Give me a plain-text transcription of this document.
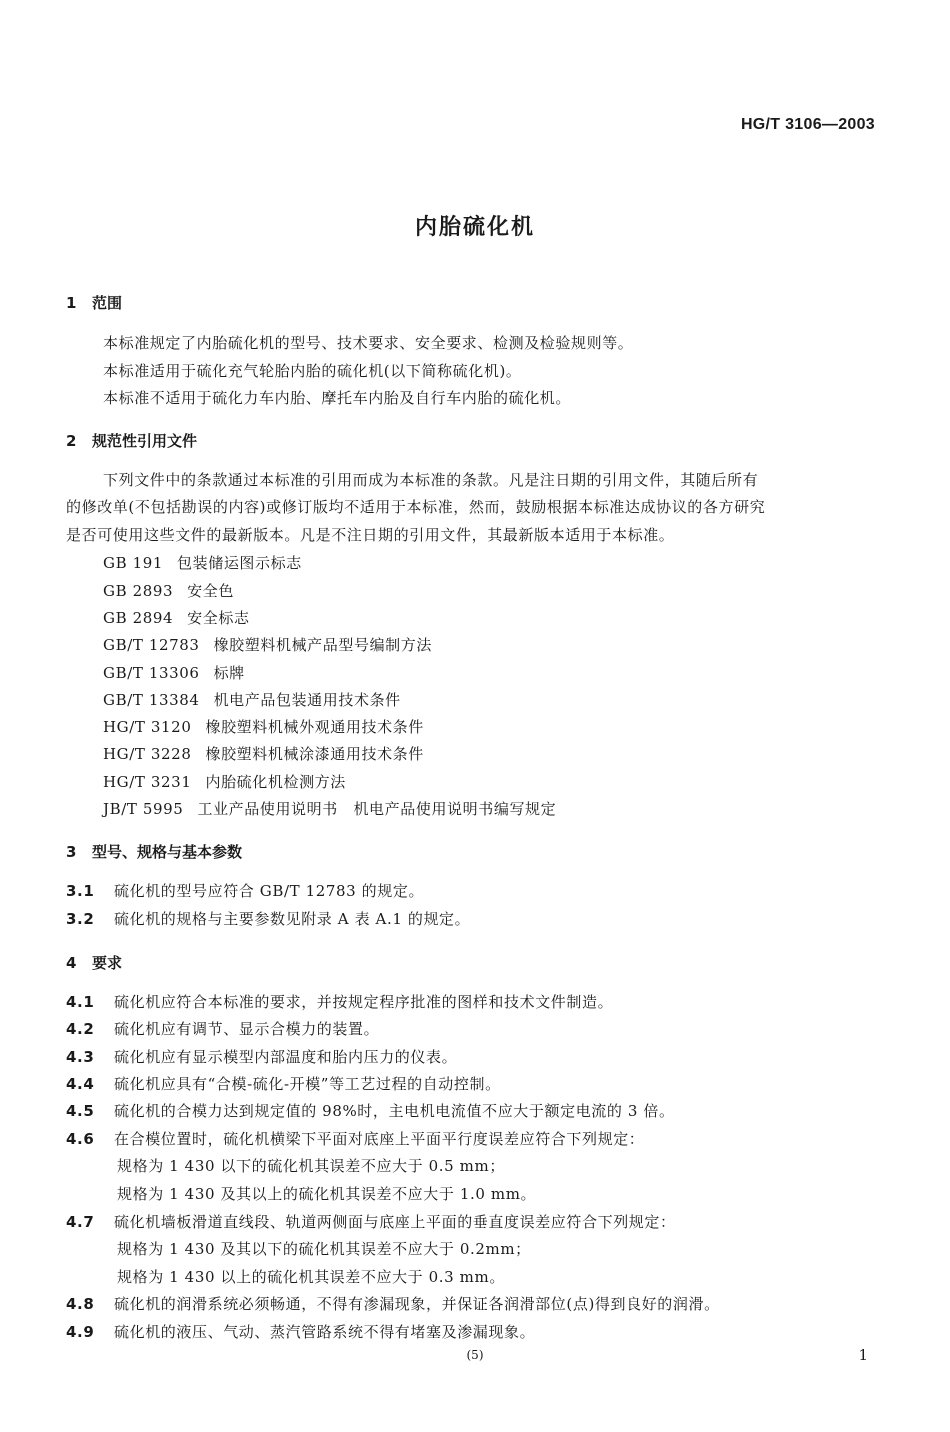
HG/T 3106—2003
内胎硫化机
1 范围
本标准规定了内胎硫化机的型号、技术要求、安全要求、检测及检验规则等。
本标准适用于硫化充气轮胎内胎的硫化机(以下简称硫化机)。
本标准不适用于硫化力车内胎、摩托车内胎及自行车内胎的硫化机。
2 规范性引用文件
下列文件中的条款通过本标准的引用而成为本标准的条款。凡是注日期的引用文件，其随后所有
的修改单(不包括勘误的内容)或修订版均不适用于本标准，然而，鼓励根据本标准达成协议的各方研究
是否可使用这些文件的最新版本。凡是不注日期的引用文件，其最新版本适用于本标准。
GB 191 包装储运图示标志
GB 2893 安全色
GB 2894 安全标志
GB/T 12783 橡胶塑料机械产品型号编制方法
GB/T 13306 标牌
GB/T 13384 机电产品包装通用技术条件
HG/T 3120 橡胶塑料机械外观通用技术条件
HG/T 3228 橡胶塑料机械涂漆通用技术条件
HG/T 3231 内胎硫化机检测方法
JB/T 5995 工业产品使用说明书　机电产品使用说明书编写规定
3 型号、规格与基本参数
3.1 硫化机的型号应符合 GB/T 12783 的规定。
3.2 硫化机的规格与主要参数见附录 A 表 A.1 的规定。
4 要求
4.1 硫化机应符合本标准的要求，并按规定程序批准的图样和技术文件制造。
4.2 硫化机应有调节、显示合模力的装置。
4.3 硫化机应有显示模型内部温度和胎内压力的仪表。
4.4 硫化机应具有“合模-硫化-开模”等工艺过程的自动控制。
4.5 硫化机的合模力达到规定值的 98%时，主电机电流值不应大于额定电流的 3 倍。
4.6 在合模位置时，硫化机横梁下平面对底座上平面平行度误差应符合下列规定：
规格为 1 430 以下的硫化机其误差不应大于 0.5 mm；
规格为 1 430 及其以上的硫化机其误差不应大于 1.0 mm。
4.7 硫化机墙板滑道直线段、轨道两侧面与底座上平面的垂直度误差应符合下列规定：
规格为 1 430 及其以下的硫化机其误差不应大于 0.2mm；
规格为 1 430 以上的硫化机其误差不应大于 0.3 mm。
4.8 硫化机的润滑系统必须畅通，不得有渗漏现象，并保证各润滑部位(点)得到良好的润滑。
4.9 硫化机的液压、气动、蒸汽管路系统不得有堵塞及渗漏现象。
(5)	1
